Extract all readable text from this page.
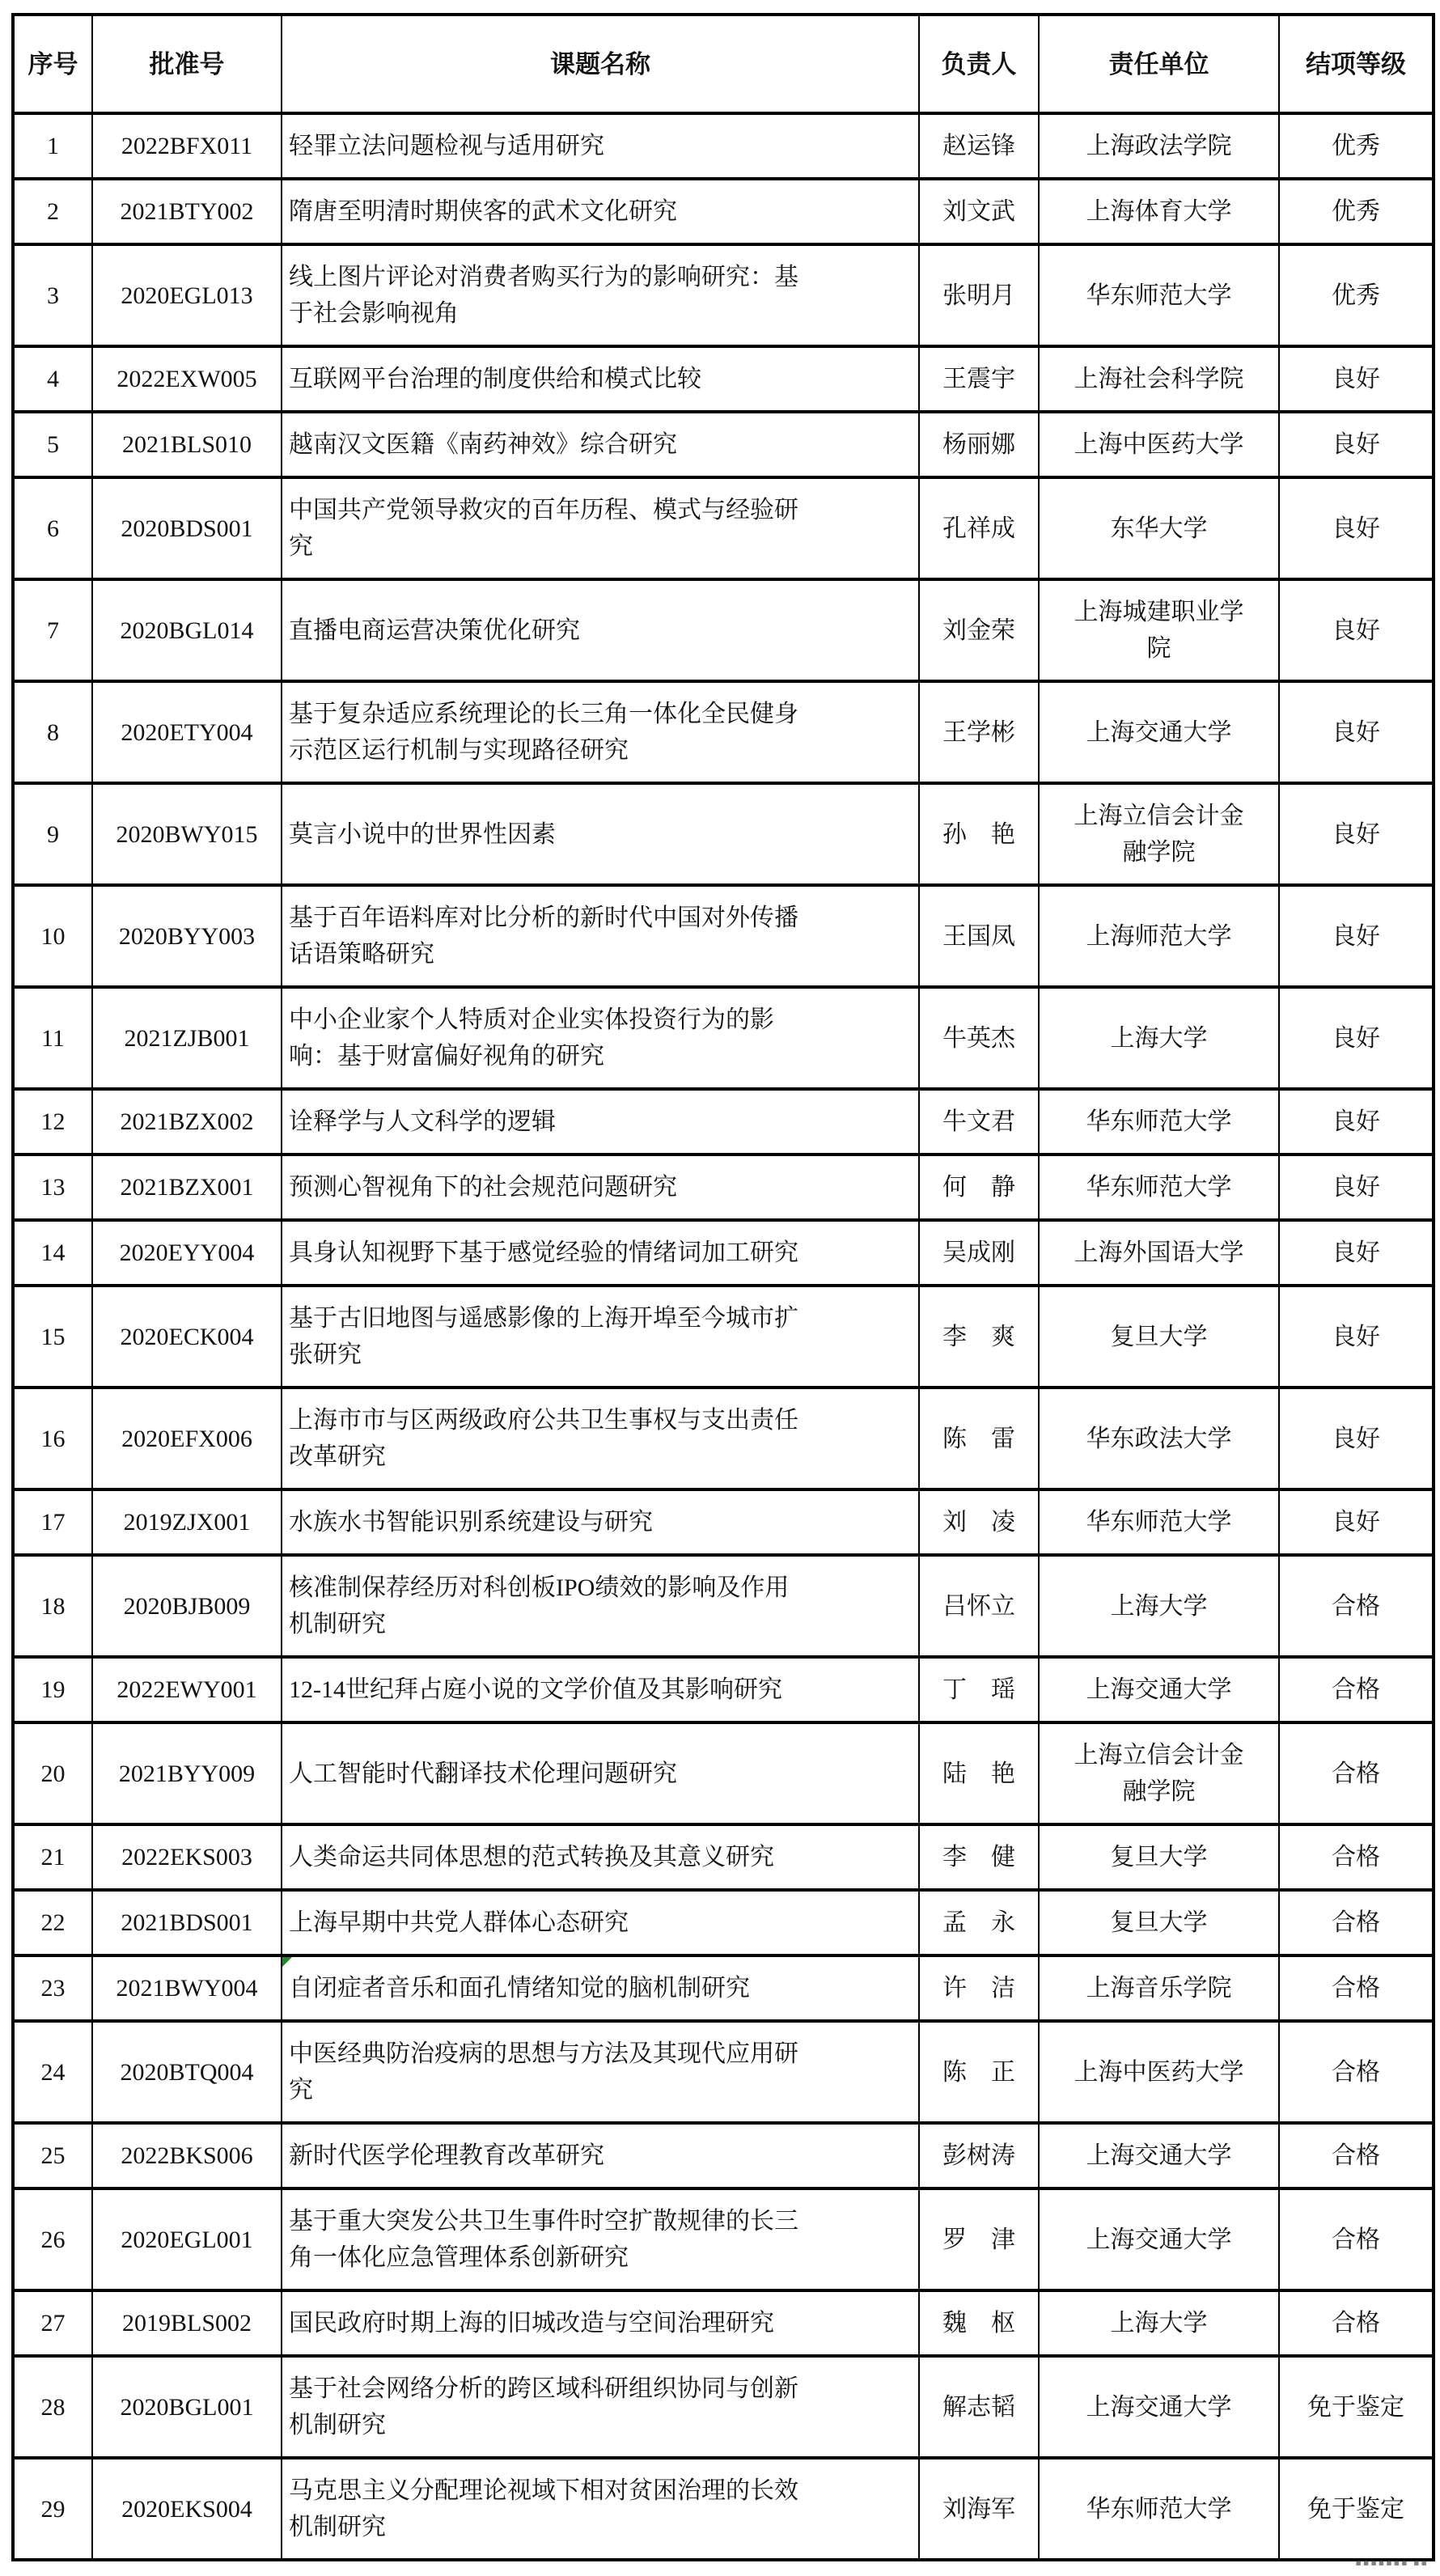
序号	批准号	课题名称	负责人	责任单位	结项等级
1	2022BFX011	轻罪立法问题检视与适用研究	赵运锋	上海政法学院	优秀
2	2021BTY002	隋唐至明清时期侠客的武术文化研究	刘文武	上海体育大学	优秀
3	2020EGL013	线上图片评论对消费者购买行为的影响研究：基于社会影响视角	张明月	华东师范大学	优秀
4	2022EXW005	互联网平台治理的制度供给和模式比较	王震宇	上海社会科学院	良好
5	2021BLS010	越南汉文医籍《南药神效》综合研究	杨丽娜	上海中医药大学	良好
6	2020BDS001	中国共产党领导救灾的百年历程、模式与经验研究	孔祥成	东华大学	良好
7	2020BGL014	直播电商运营决策优化研究	刘金荣	上海城建职业学院	良好
8	2020ETY004	基于复杂适应系统理论的长三角一体化全民健身示范区运行机制与实现路径研究	王学彬	上海交通大学	良好
9	2020BWY015	莫言小说中的世界性因素	孙　艳	上海立信会计金融学院	良好
10	2020BYY003	基于百年语料库对比分析的新时代中国对外传播话语策略研究	王国凤	上海师范大学	良好
11	2021ZJB001	中小企业家个人特质对企业实体投资行为的影响：基于财富偏好视角的研究	牛英杰	上海大学	良好
12	2021BZX002	诠释学与人文科学的逻辑	牛文君	华东师范大学	良好
13	2021BZX001	预测心智视角下的社会规范问题研究	何　静	华东师范大学	良好
14	2020EYY004	具身认知视野下基于感觉经验的情绪词加工研究	吴成刚	上海外国语大学	良好
15	2020ECK004	基于古旧地图与遥感影像的上海开埠至今城市扩张研究	李　爽	复旦大学	良好
16	2020EFX006	上海市市与区两级政府公共卫生事权与支出责任改革研究	陈　雷	华东政法大学	良好
17	2019ZJX001	水族水书智能识别系统建设与研究	刘　凌	华东师范大学	良好
18	2020BJB009	核准制保荐经历对科创板IPO绩效的影响及作用机制研究	吕怀立	上海大学	合格
19	2022EWY001	12-14世纪拜占庭小说的文学价值及其影响研究	丁　瑶	上海交通大学	合格
20	2021BYY009	人工智能时代翻译技术伦理问题研究	陆　艳	上海立信会计金融学院	合格
21	2022EKS003	人类命运共同体思想的范式转换及其意义研究	李　健	复旦大学	合格
22	2021BDS001	上海早期中共党人群体心态研究	孟　永	复旦大学	合格
23	2021BWY004	自闭症者音乐和面孔情绪知觉的脑机制研究	许　洁	上海音乐学院	合格
24	2020BTQ004	中医经典防治疫病的思想与方法及其现代应用研究	陈　正	上海中医药大学	合格
25	2022BKS006	新时代医学伦理教育改革研究	彭树涛	上海交通大学	合格
26	2020EGL001	基于重大突发公共卫生事件时空扩散规律的长三角一体化应急管理体系创新研究	罗　津	上海交通大学	合格
27	2019BLS002	国民政府时期上海的旧城改造与空间治理研究	魏　枢	上海大学	合格
28	2020BGL001	基于社会网络分析的跨区域科研组织协同与创新机制研究	解志韬	上海交通大学	免于鉴定
29	2020EKS004	马克思主义分配理论视域下相对贫困治理的长效机制研究	刘海军	华东师范大学	免于鉴定
▪▪▪▪▪▪▪ ▪▪
